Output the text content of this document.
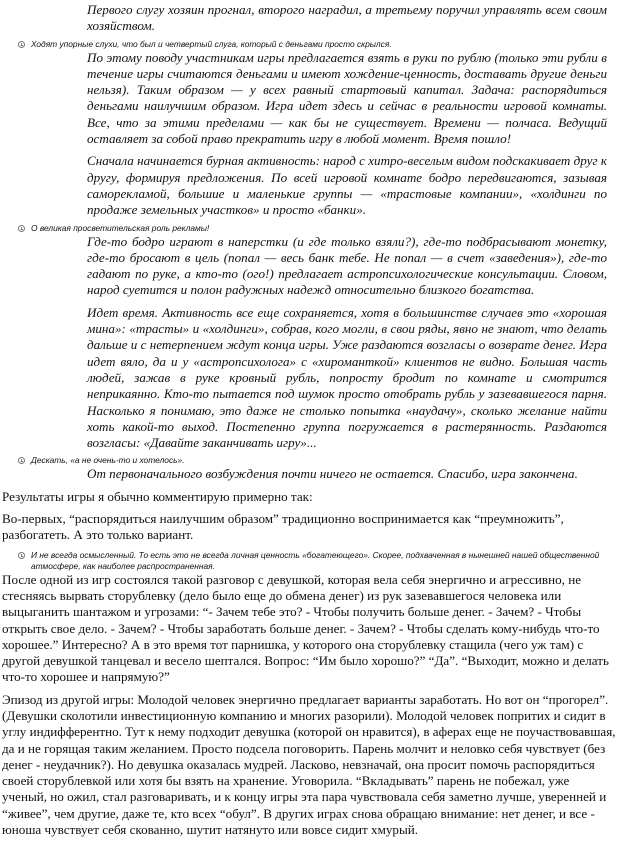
Первого слугу хозяин прогнал, второго наградил, а третьему поручил управлять всем своим хозяйством.

Ходят упорные слухи, что был и четвертый слуга, который с деньгами просто скрылся.

По этому поводу участникам игры предлагается взять в руки по рублю (только эти рубли в течение игры считаются деньгами и имеют хождение-ценность, доставать другие деньги нельзя). Таким образом — у всех равный стартовый капитал. Задача: распорядиться деньгами наилучшим образом. Игра идет здесь и сейчас в реальности игровой комнаты. Все, что за этими пределами — как бы не существует. Времени — полчаса. Ведущий оставляет за собой право прекратить игру в любой момент. Время пошло!

Сначала начинается бурная активность: народ с хитро-веселым видом подскакивает друг к другу, формируя предложения. По всей игровой комнате бодро передвигаются, зазывая саморекламой, большие и маленькие группы — «трастовые компании», «холдинги по продаже земельных участков» и просто «банки».

О великая просветительская роль рекламы!

Где-то бодро играют в наперстки (и где только взяли?), где-то подбрасывают монетку, где-то бросают в цель (попал — весь банк тебе. Не попал — в счет «заведения»), где-то гадают по руке, а кто-то (ого!) предлагает астропсихологические консультации. Словом, народ суетится и полон радужных надежд относительно близкого богатства.

Идет время. Активность все еще сохраняется, хотя в большинстве случаев это «хорошая мина»: «трасты» и «холдинги», собрав, кого могли, в свои ряды, явно не знают, что делать дальше и с нетерпением ждут конца игры. Уже раздаются возгласы о возврате денег. Игра идет вяло, да и у «астропсихолога» с «хироманткой» клиентов не видно. Большая часть людей, зажав в руке кровный рубль, попросту бродит по комнате и смотрится неприкаянно. Кто-то пытается под шумок просто отобрать рубль у зазевавшегося парня. Насколько я понимаю, это даже не столько попытка «наудачу», сколько желание найти хоть какой-то выход. Постепенно группа погружается в растерянность. Раздаются возгласы: «Давайте заканчивать игру»...

Дескать, «а не очень-то и хотелось».

От первоначального возбуждения почти ничего не остается. Спасибо, игра закончена.

Результаты игры я обычно комментирую примерно так:

Во-первых, “распорядиться наилучшим образом” традиционно воспринимается как “преумножить”, разбогатеть. А это только вариант.

И не всегда осмысленный. То есть это не всегда личная ценность «богатеющего». Скорее, подхваченная в нынешней нашей общественной атмосфере, как наиболее распространенная.

После одной из игр состоялся такой разговор с девушкой, которая вела себя энергично и агрессивно, не стесняясь вырвать сторублевку (дело было еще до обмена денег) из рук зазевавшегося человека или выцыганить шантажом и угрозами: “- Зачем тебе это? - Чтобы получить больше денег. - Зачем? - Чтобы открыть свое дело. - Зачем? - Чтобы заработать больше денег. - Зачем? - Чтобы сделать кому-нибудь что-то хорошее.” Интересно? А в это время тот парнишка, у которого она сторублевку стащила (чего уж там) с другой девушкой танцевал и весело шептался. Вопрос: “Им было хорошо?” “Да”. “Выходит, можно и делать что-то хорошее и напрямую?”

Эпизод из другой игры: Молодой человек энергично предлагает варианты заработать. Но вот он “прогорел”. (Девушки сколотили инвестиционную компанию и многих разорили). Молодой человек попритих и сидит в углу индифферентно. Тут к нему подходит девушка (которой он нравится), в аферах еще не поучаствовавшая, да и не горящая таким желанием. Просто подсела поговорить. Парень молчит и неловко себя чувствует (без денег - неудачник?). Но девушка оказалась мудрей. Ласково, невзначай, она просит помочь распорядиться своей сторублевкой или хотя бы взять на хранение. Уговорила. “Вкладывать” парень не побежал, уже ученый, но ожил, стал разговаривать, и к концу игры эта пара чувствовала себя заметно лучше, уверенней и “живее”, чем другие, даже те, кто всех “обул”. В других играх снова обращаю внимание: нет денег, и все - юноша чувствует себя скованно, шутит натянуто или вовсе сидит хмурый.
